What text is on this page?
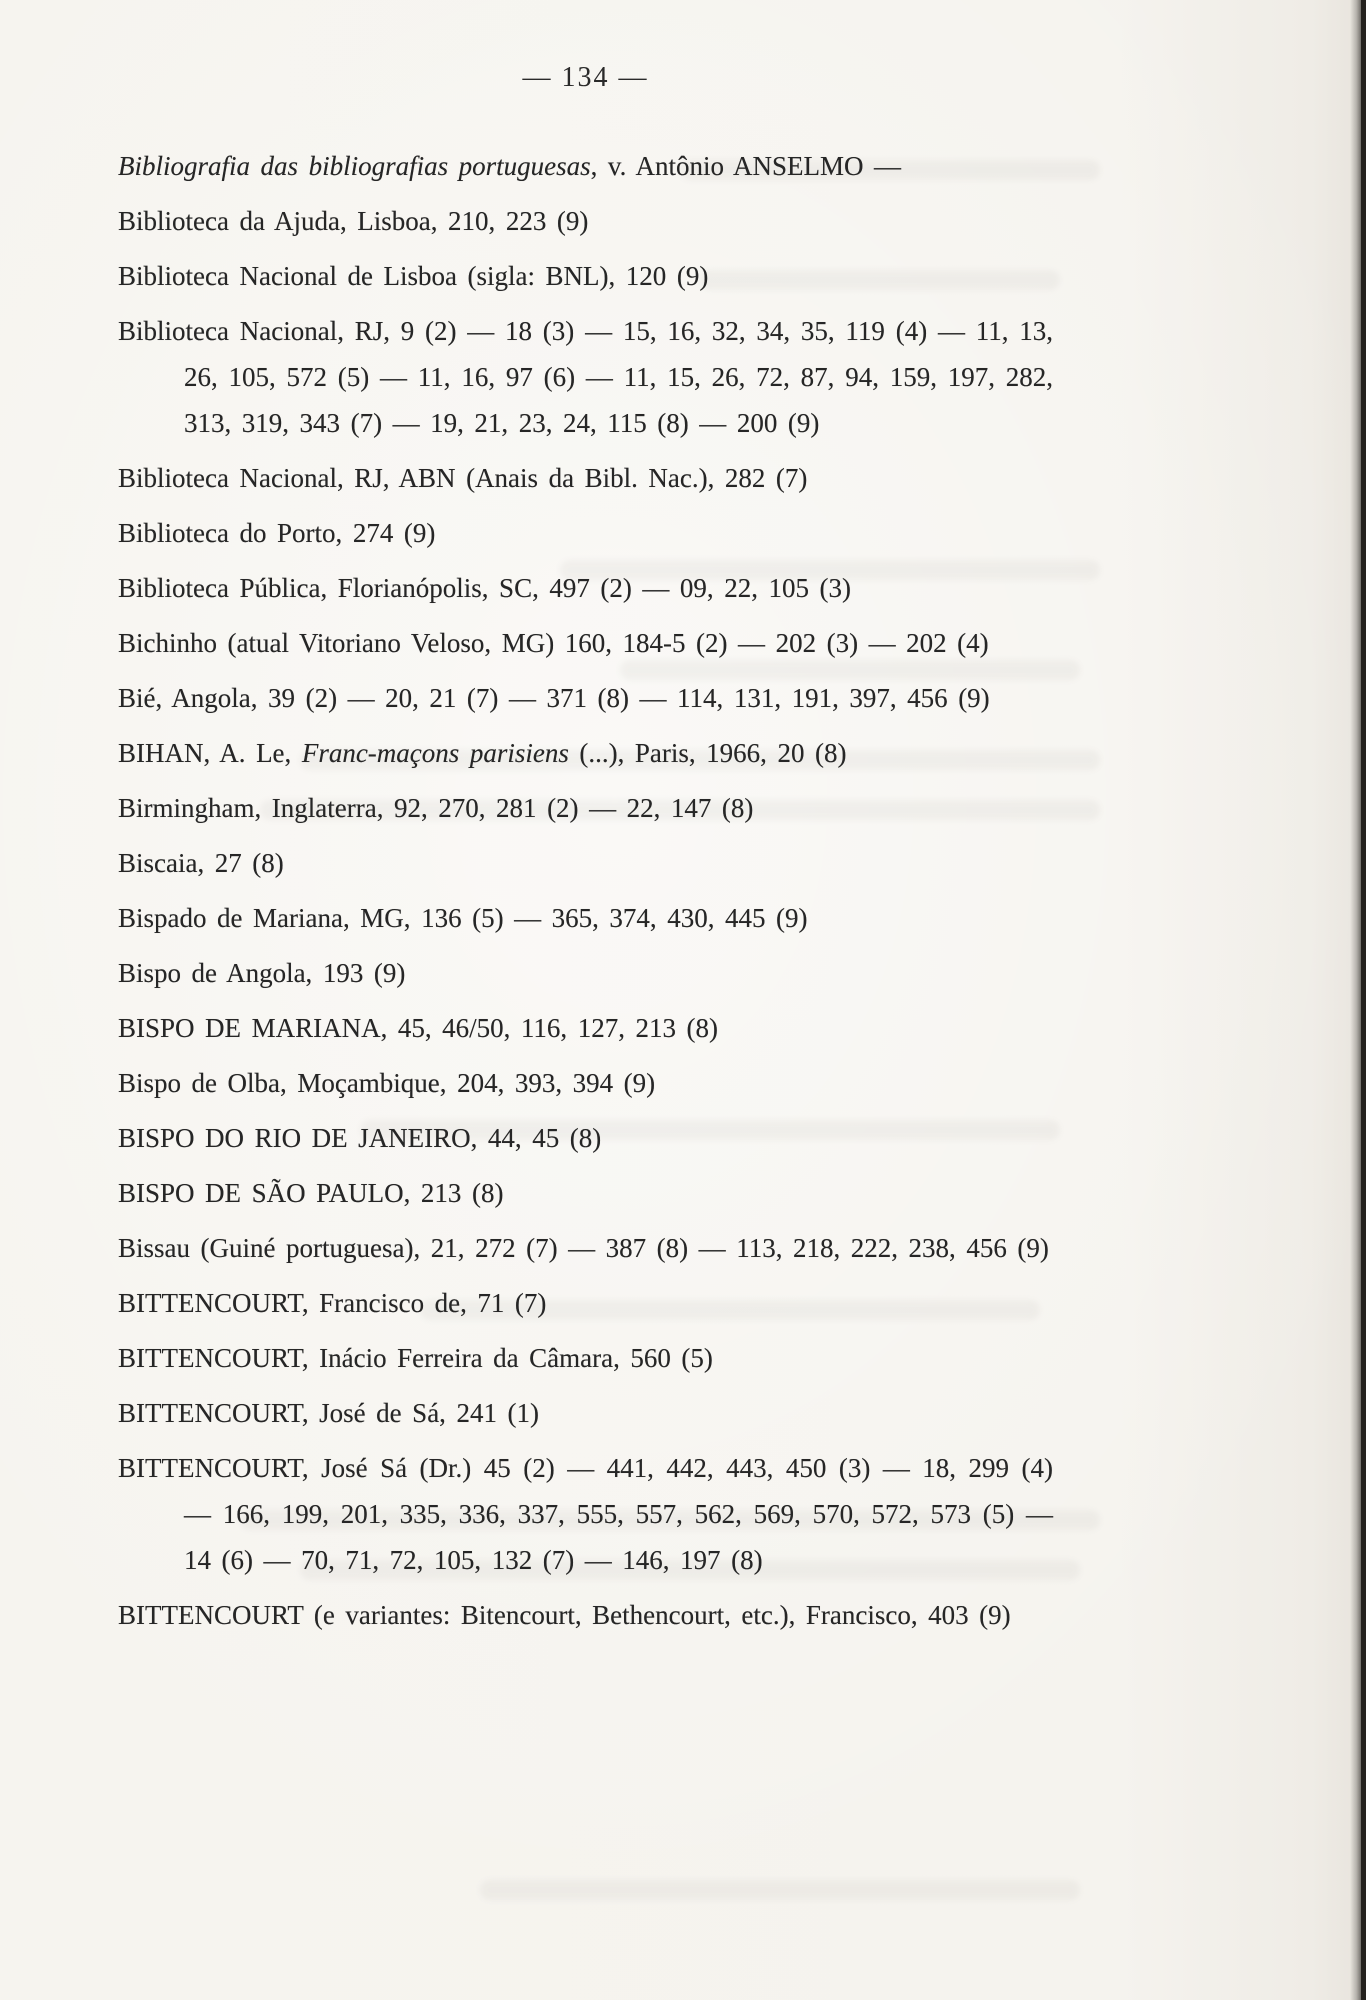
— 134 —

Bibliografia das bibliografias portuguesas, v. Antônio ANSELMO —

Biblioteca da Ajuda, Lisboa, 210, 223 (9)

Biblioteca Nacional de Lisboa (sigla: BNL), 120 (9)

Biblioteca Nacional, RJ, 9 (2) — 18 (3) — 15, 16, 32, 34, 35, 119 (4) — 11, 13, 26, 105, 572 (5) — 11, 16, 97 (6) — 11, 15, 26, 72, 87, 94, 159, 197, 282, 313, 319, 343 (7) — 19, 21, 23, 24, 115 (8) — 200 (9)

Biblioteca Nacional, RJ, ABN (Anais da Bibl. Nac.), 282 (7)

Biblioteca do Porto, 274 (9)

Biblioteca Pública, Florianópolis, SC, 497 (2) — 09, 22, 105 (3)

Bichinho (atual Vitoriano Veloso, MG) 160, 184-5 (2) — 202 (3) — 202 (4)

Bié, Angola, 39 (2) — 20, 21 (7) — 371 (8) — 114, 131, 191, 397, 456 (9)

BIHAN, A. Le, Franc-maçons parisiens (...), Paris, 1966, 20 (8)

Birmingham, Inglaterra, 92, 270, 281 (2) — 22, 147 (8)

Biscaia, 27 (8)

Bispado de Mariana, MG, 136 (5) — 365, 374, 430, 445 (9)

Bispo de Angola, 193 (9)

BISPO DE MARIANA, 45, 46/50, 116, 127, 213 (8)

Bispo de Olba, Moçambique, 204, 393, 394 (9)

BISPO DO RIO DE JANEIRO, 44, 45 (8)

BISPO DE SÃO PAULO, 213 (8)

Bissau (Guiné portuguesa), 21, 272 (7) — 387 (8) — 113, 218, 222, 238, 456 (9)

BITTENCOURT, Francisco de, 71 (7)

BITTENCOURT, Inácio Ferreira da Câmara, 560 (5)

BITTENCOURT, José de Sá, 241 (1)

BITTENCOURT, José Sá (Dr.) 45 (2) — 441, 442, 443, 450 (3) — 18, 299 (4) — 166, 199, 201, 335, 336, 337, 555, 557, 562, 569, 570, 572, 573 (5) — 14 (6) — 70, 71, 72, 105, 132 (7) — 146, 197 (8)

BITTENCOURT (e variantes: Bitencourt, Bethencourt, etc.), Francisco, 403 (9)
